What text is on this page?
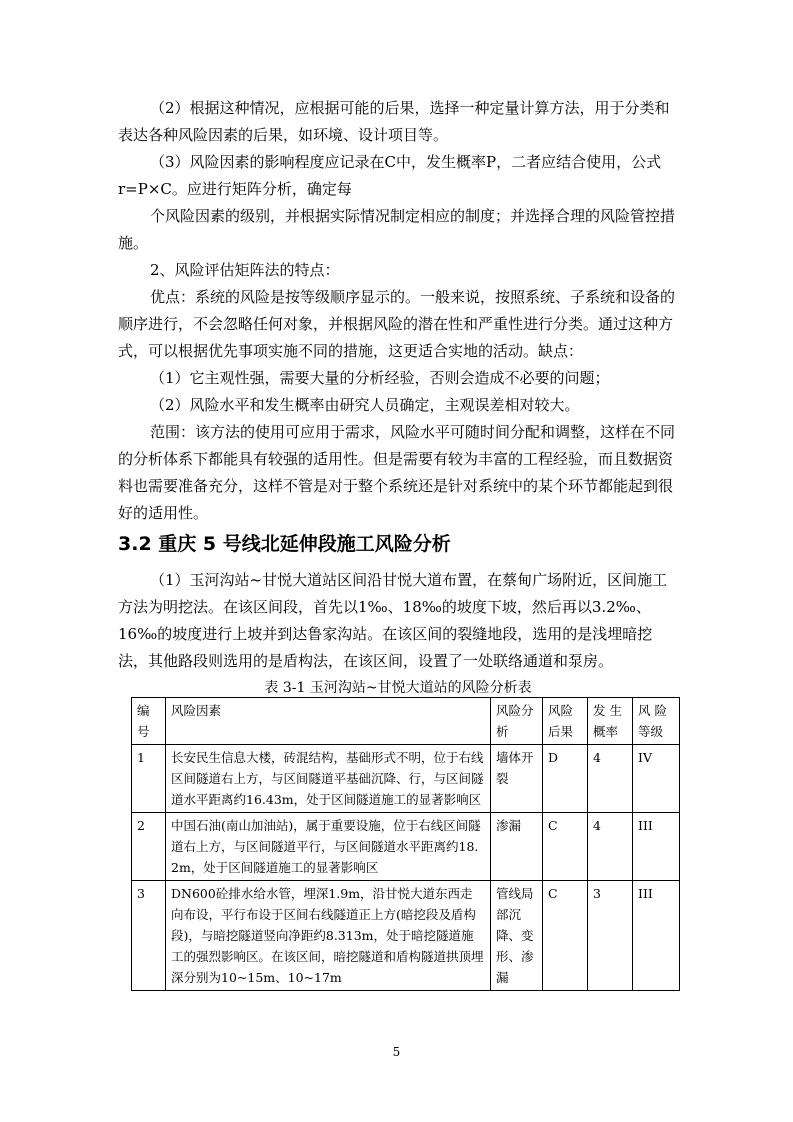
（2）根据这种情况，应根据可能的后果，选择一种定量计算方法，用于分类和表达各种风险因素的后果，如环境、设计项目等。

（3）风险因素的影响程度应记录在C中，发生概率P，二者应结合使用，公式r=P×C。应进行矩阵分析，确定每

个风险因素的级别，并根据实际情况制定相应的制度；并选择合理的风险管控措施。

2、风险评估矩阵法的特点：

优点：系统的风险是按等级顺序显示的。一般来说，按照系统、子系统和设备的顺序进行，不会忽略任何对象，并根据风险的潜在性和严重性进行分类。通过这种方式，可以根据优先事项实施不同的措施，这更适合实地的活动。缺点：

（1）它主观性强，需要大量的分析经验，否则会造成不必要的问题；

（2）风险水平和发生概率由研究人员确定，主观误差相对较大。

范围：该方法的使用可应用于需求，风险水平可随时间分配和调整，这样在不同的分析体系下都能具有较强的适用性。但是需要有较为丰富的工程经验，而且数据资料也需要准备充分，这样不管是对于整个系统还是针对系统中的某个环节都能起到很好的适用性。

3.2 重庆 5 号线北延伸段施工风险分析

（1）玉河沟站~甘悦大道站区间沿甘悦大道布置，在蔡甸广场附近，区间施工方法为明挖法。在该区间段，首先以1‰、18‰的坡度下坡，然后再以3.2‰、16‰的坡度进行上坡并到达鲁家沟站。在该区间的裂缝地段，选用的是浅埋暗挖法，其他路段则选用的是盾构法，在该区间，设置了一处联络通道和泵房。

表 3-1 玉河沟站~甘悦大道站的风险分析表

编号	风险因素	风险分析	风险后果	发 生概率	风 险等级
1	长安民生信息大楼，砖混结构，基础形式不明，位于右线区间隧道右上方，与区间隧道平基础沉降、行，与区间隧道水平距离约16.43m，处于区间隧道施工的显著影响区	墙体开裂	D	4	IV
2	中国石油(南山加油站)，属于重要设施，位于右线区间隧道右上方，与区间隧道平行，与区间隧道水平距离约18.2m，处于区间隧道施工的显著影响区	渗漏	C	4	III
3	DN600砼排水给水管，埋深1.9m，沿甘悦大道东西走向布设，平行布设于区间右线隧道正上方(暗挖段及盾构段)，与暗挖隧道竖向净距约8.313m，处于暗挖隧道施工的强烈影响区。在该区间，暗挖隧道和盾构隧道拱顶埋深分别为10~15m、10~17m	管线局部沉降、变形、渗漏	C	3	III
5
